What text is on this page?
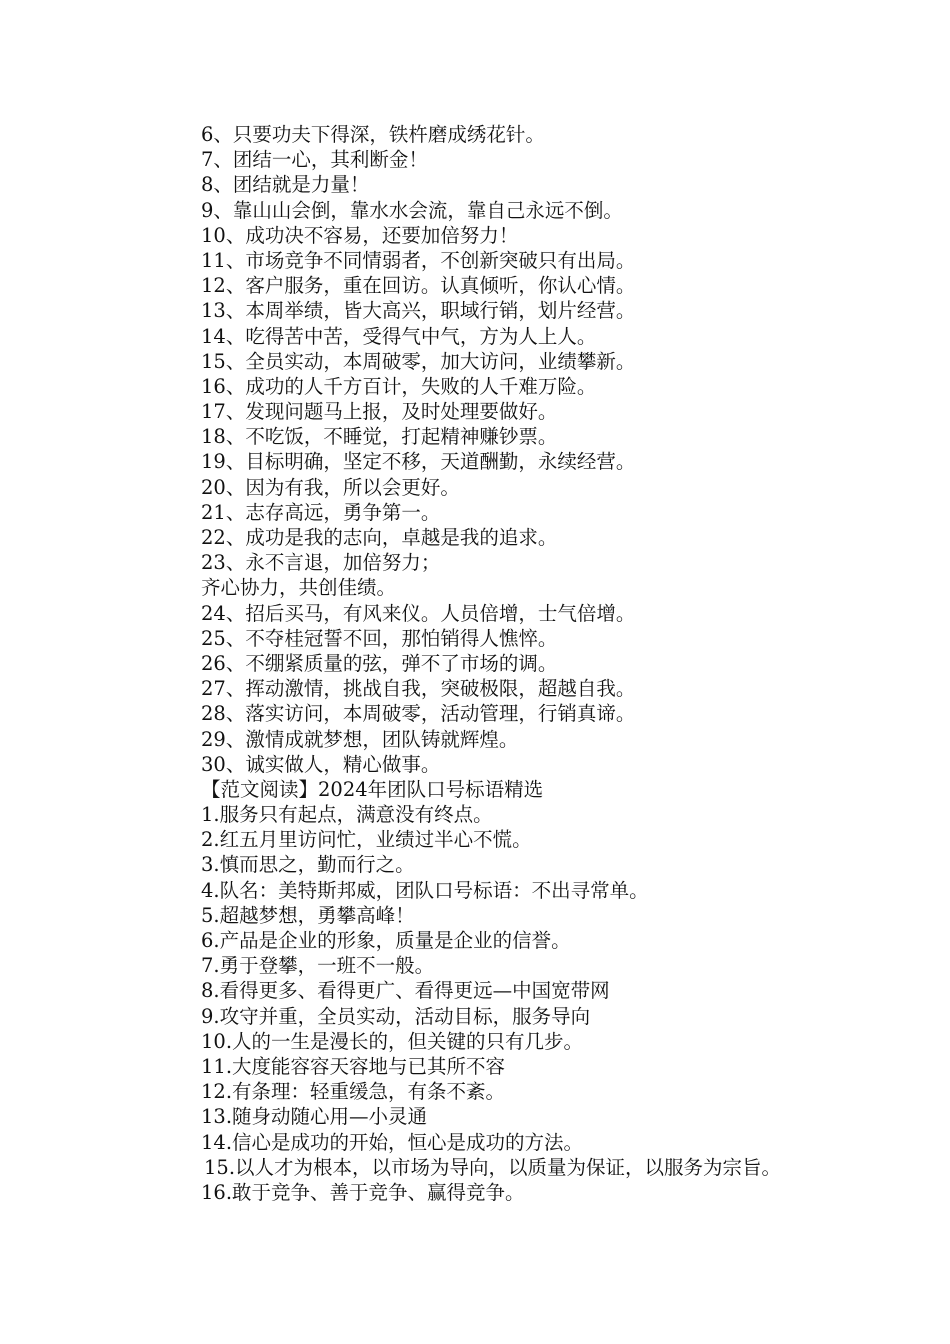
6、只要功夫下得深，铁杵磨成绣花针。
7、团结一心，其利断金！
8、团结就是力量！
9、靠山山会倒，靠水水会流，靠自己永远不倒。
10、成功决不容易，还要加倍努力！
11、市场竞争不同情弱者，不创新突破只有出局。
12、客户服务，重在回访。认真倾听，你认心情。
13、本周举绩，皆大高兴，职域行销，划片经营。
14、吃得苦中苦，受得气中气，方为人上人。
15、全员实动，本周破零，加大访问，业绩攀新。
16、成功的人千方百计，失败的人千难万险。
17、发现问题马上报，及时处理要做好。
18、不吃饭，不睡觉，打起精神赚钞票。
19、目标明确，坚定不移，天道酬勤，永续经营。
20、因为有我，所以会更好。
21、志存高远，勇争第一。
22、成功是我的志向，卓越是我的追求。
23、永不言退，加倍努力；
齐心协力，共创佳绩。
24、招后买马，有风来仪。人员倍增，士气倍增。
25、不夺桂冠誓不回，那怕销得人憔悴。
26、不绷紧质量的弦，弹不了市场的调。
27、挥动激情，挑战自我，突破极限，超越自我。
28、落实访问，本周破零，活动管理，行销真谛。
29、激情成就梦想，团队铸就辉煌。
30、诚实做人，精心做事。
【范文阅读】2024年团队口号标语精选
1.服务只有起点，满意没有终点。
2.红五月里访问忙，业绩过半心不慌。
3.慎而思之，勤而行之。
4.队名：美特斯邦威，团队口号标语：不出寻常单。
5.超越梦想，勇攀高峰！
6.产品是企业的形象，质量是企业的信誉。
7.勇于登攀，一班不一般。
8.看得更多、看得更广、看得更远—中国宽带网
9.攻守并重，全员实动，活动目标，服务导向
10.人的一生是漫长的，但关键的只有几步。
11.大度能容容天容地与已其所不容
12.有条理：轻重缓急，有条不紊。
13.随身动随心用—小灵通
14.信心是成功的开始，恒心是成功的方法。
15.以人才为根本，以市场为导向，以质量为保证，以服务为宗旨。
16.敢于竞争、善于竞争、赢得竞争。
